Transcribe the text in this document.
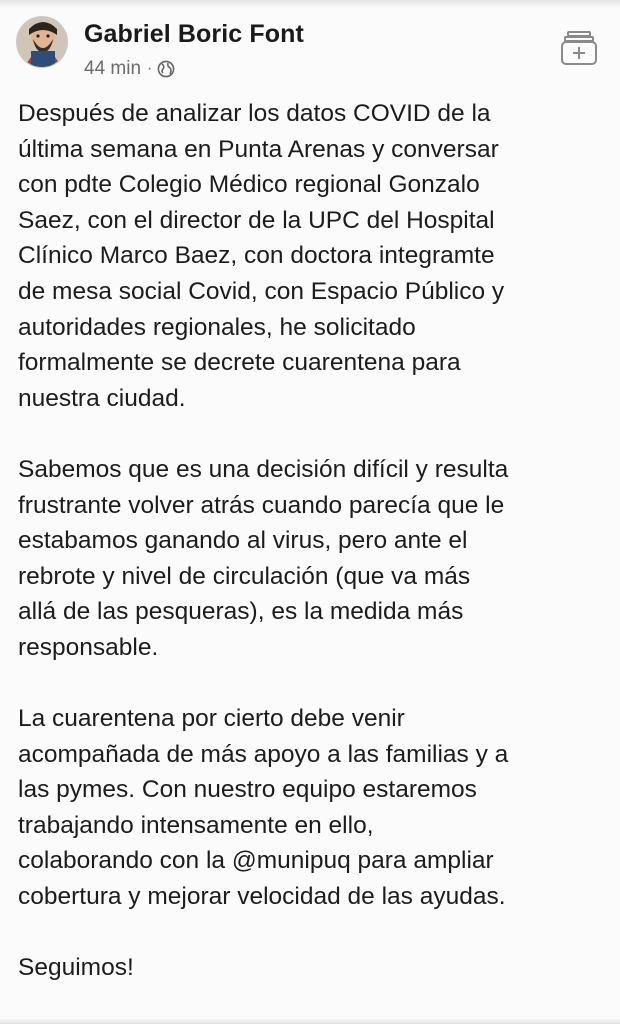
Gabriel Boric Font
44 min ·

Después de analizar los datos COVID de la
última semana en Punta Arenas y conversar
con pdte Colegio Médico regional Gonzalo
Saez, con el director de la UPC del Hospital
Clínico Marco Baez, con doctora integramte
de mesa social Covid, con Espacio Público y
autoridades regionales, he solicitado
formalmente se decrete cuarentena para
nuestra ciudad.

Sabemos que es una decisión difícil y resulta
frustrante volver atrás cuando parecía que le
estabamos ganando al virus, pero ante el
rebrote y nivel de circulación (que va más
allá de las pesqueras), es la medida más
responsable.

La cuarentena por cierto debe venir
acompañada de más apoyo a las familias y a
las pymes. Con nuestro equipo estaremos
trabajando intensamente en ello,
colaborando con la @munipuq para ampliar
cobertura y mejorar velocidad de las ayudas.

Seguimos!
